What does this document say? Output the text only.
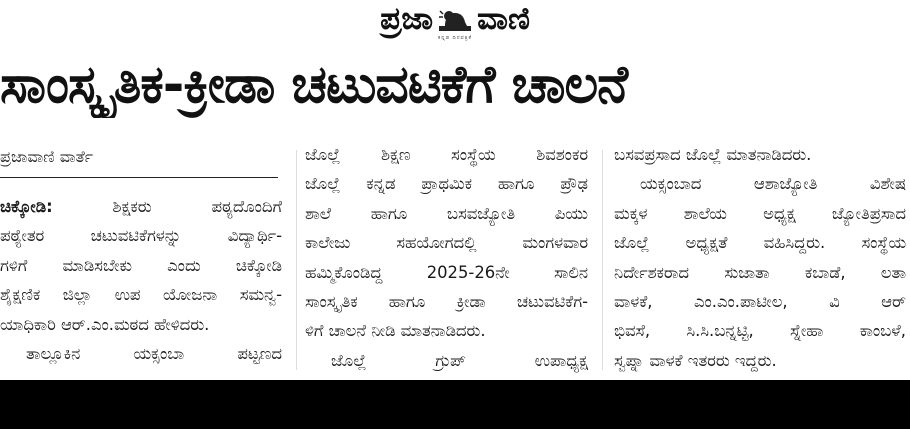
ಪ್ರಜಾ ವಾಣಿ
ಕನ್ನಡ ದಿನಪತ್ರಿಕೆ
ಸಾಂಸ್ಕೃತಿಕ-ಕ್ರೀಡಾ ಚಟುವಟಿಕೆಗೆ ಚಾಲನೆ

ಪ್ರಜಾವಾಣಿ ವಾರ್ತೆ

ಚಿಕ್ಕೋಡಿ:	ಶಿಕ್ಷಕರು ಪಠ್ಯದೊಂದಿಗೆ

ಪಠ್ಯೇತರ ಚಟುವಟಿಕೆಗಳನ್ನು ವಿದ್ಯಾರ್ಥಿ-

ಗಳಿಗೆ ಮಾಡಿಸಬೇಕು ಎಂದು ಚಿಕ್ಕೋಡಿ

ಶೈಕ್ಷಣಿಕ ಜಿಲ್ಲಾ ಉಪ ಯೋಜನಾ ಸಮನ್ವ-

ಯಾಧಿಕಾರಿ ಆರ್.ಎಂ.ಮಠದ ಹೇಳಿದರು.

ತಾಲ್ಲೂಕಿನ ಯಕ್ಸಂಬಾ ಪಟ್ಟಣದ

ಜೊಲ್ಲೆ ಶಿಕ್ಷಣ ಸಂಸ್ಥೆಯ ಶಿವಶಂಕರ

ಜೊಲ್ಲೆ ಕನ್ನಡ ಪ್ರಾಥಮಿಕ ಹಾಗೂ ಪ್ರೌಢ

ಶಾಲೆ ಹಾಗೂ ಬಸವಜ್ಯೋತಿ ಪಿಯು

ಕಾಲೇಜು ಸಹಯೋಗದಲ್ಲಿ ಮಂಗಳವಾರ

ಹಮ್ಮಿಕೊಂಡಿದ್ದ 2025-26ನೇ ಸಾಲಿನ

ಸಾಂಸ್ಕೃತಿಕ ಹಾಗೂ ಕ್ರೀಡಾ ಚಟುವಟಿಕೆಗ-

ಳಿಗೆ ಚಾಲನೆ ನೀಡಿ ಮಾತನಾಡಿದರು.

ಜೊಲ್ಲೆ ಗ್ರುಪ್ ಉಪಾಧ್ಯಕ್ಷ

ಬಸವಪ್ರಸಾದ ಜೊಲ್ಲೆ ಮಾತನಾಡಿದರು.

ಯಕ್ಸಂಬಾದ ಆಶಾಜ್ಯೋತಿ ವಿಶೇಷ

ಮಕ್ಕಳ ಶಾಲೆಯ ಅಧ್ಯಕ್ಷ ಜ್ಯೋತಿಪ್ರಸಾದ

ಜೊಲ್ಲೆ ಅಧ್ಯಕ್ಷತೆ ವಹಿಸಿದ್ದರು. ಸಂಸ್ಥೆಯ

ನಿರ್ದೇಶಕರಾದ ಸುಜಾತಾ ಕಬಾಡೆ, ಲತಾ

ವಾಳಕೆ, ಎಂ.ಎಂ.ಪಾಟೀಲ, ವಿ ಆರ್

ಭಿವಸೆ, ಸಿ.ಸಿ.ಬನ್ನಟ್ಟಿ, ಸ್ನೇಹಾ ಕಾಂಬಳೆ,

ಸ್ವಪ್ನಾ ವಾಳಕೆ ಇತರರು ಇದ್ದರು.
